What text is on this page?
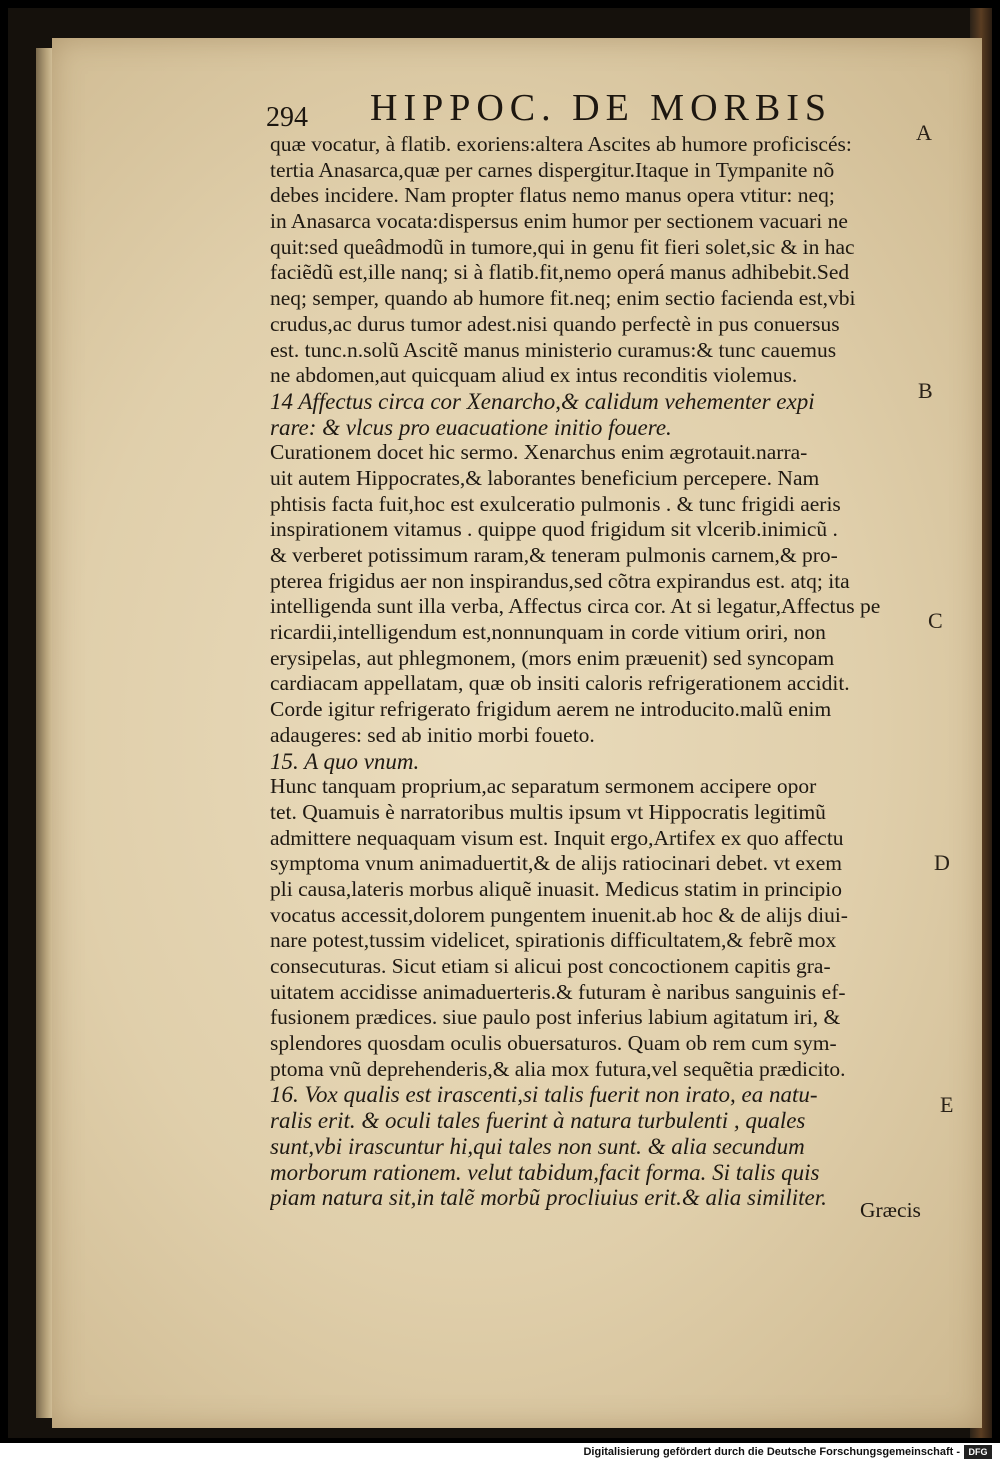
294 HIPPOC. DE MORBIS
quæ vocatur, à flatib. exoriens:altera Ascites ab humore proficiscés:
tertia Anasarca,quæ per carnes dispergitur.Itaque in Tympanite nõ
debes incidere. Nam propter flatus nemo manus opera vtitur: neq;
in Anasarca vocata:dispersus enim humor per sectionem vacuari ne
quit:sed queâdmodũ in tumore,qui in genu fit fieri solet,sic & in hac
faciẽdũ est,ille nanq; si à flatib.fit,nemo operá manus adhibebit.Sed
neq; semper, quando ab humore fit.neq; enim sectio facienda est,vbi
crudus,ac durus tumor adest.nisi quando perfectè in pus conuersus
est. tunc.n.solũ Ascitẽ manus ministerio curamus:& tunc cauemus
ne abdomen,aut quicquam aliud ex intus reconditis violemus.
14 Affectus circa cor Xenarcho,& calidum vehementer expi
rare: & vlcus pro euacuatione initio fouere.
Curationem docet hic sermo. Xenarchus enim ægrotauit.narra-
uit autem Hippocrates,& laborantes beneficium percepere. Nam
phtisis facta fuit,hoc est exulceratio pulmonis . & tunc frigidi aeris
inspirationem vitamus . quippe quod frigidum sit vlcerib.inimicũ .
& verberet potissimum raram,& teneram pulmonis carnem,& pro-
pterea frigidus aer non inspirandus,sed cõtra expirandus est. atq; ita
intelligenda sunt illa verba, Affectus circa cor. At si legatur,Affectus pe
ricardii,intelligendum est,nonnunquam in corde vitium oriri, non
erysipelas, aut phlegmonem, (mors enim præuenit) sed syncopam
cardiacam appellatam, quæ ob insiti caloris refrigerationem accidit.
Corde igitur refrigerato frigidum aerem ne introducito.malũ enim
adaugeres: sed ab initio morbi foueto.
15. A quo vnum.
Hunc tanquam proprium,ac separatum sermonem accipere opor
tet. Quamuis è narratoribus multis ipsum vt Hippocratis legitimũ
admittere nequaquam visum est. Inquit ergo,Artifex ex quo affectu
symptoma vnum animaduertit,& de alijs ratiocinari debet. vt exem
pli causa,lateris morbus aliquẽ inuasit. Medicus statim in principio
vocatus accessit,dolorem pungentem inuenit.ab hoc & de alijs diui-
nare potest,tussim videlicet, spirationis difficultatem,& febrẽ mox
consecuturas. Sicut etiam si alicui post concoctionem capitis gra-
uitatem accidisse animaduerteris.& futuram è naribus sanguinis ef-
fusionem prædices. siue paulo post inferius labium agitatum iri, &
splendores quosdam oculis obuersaturos. Quam ob rem cum sym-
ptoma vnũ deprehenderis,& alia mox futura,vel sequẽtia prædicito.
16. Vox qualis est irascenti,si talis fuerit non irato, ea natu-
ralis erit. & oculi tales fuerint à natura turbulenti , quales
sunt,vbi irascuntur hi,qui tales non sunt. & alia secundum
morborum rationem. velut tabidum,facit forma. Si talis quis
piam natura sit,in talẽ morbũ procliuius erit.& alia similiter.
A
B
C
D
E
Græcis
Digitalisierung gefördert durch die Deutsche Forschungsgemeinschaft - DFG
